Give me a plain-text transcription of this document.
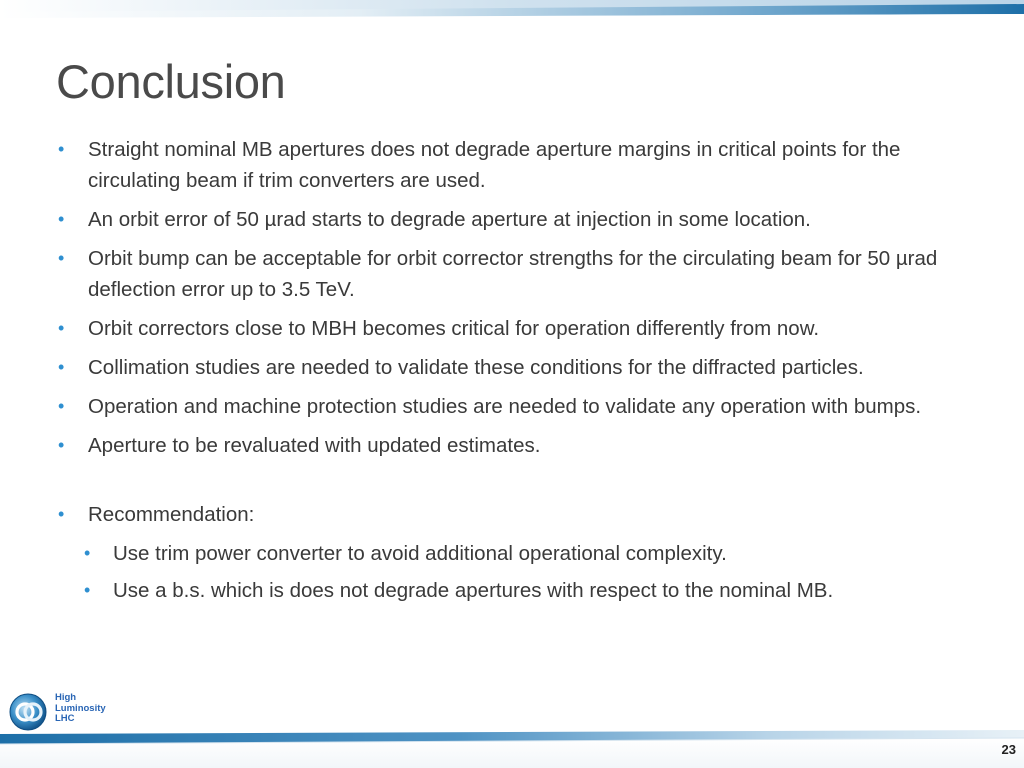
Conclusion
•	Straight nominal MB apertures does not degrade aperture margins in critical points for the circulating beam if trim converters are used.
•	An orbit error of 50 µrad starts to degrade aperture at injection in some location.
•	Orbit bump can be acceptable for orbit corrector strengths for the circulating beam for 50 µrad deflection error up to 3.5 TeV.
•	Orbit correctors close to MBH becomes critical for operation differently from now.
•	Collimation studies are needed to validate these conditions for the diffracted particles.
•	Operation and machine protection studies are needed to validate any operation with bumps.
•	Aperture to be revaluated with updated estimates.
•	Recommendation:
•	Use trim power converter to avoid additional operational complexity.
•	Use a b.s. which is does not degrade apertures with respect to the nominal MB.
High
Luminosity
LHC
23
